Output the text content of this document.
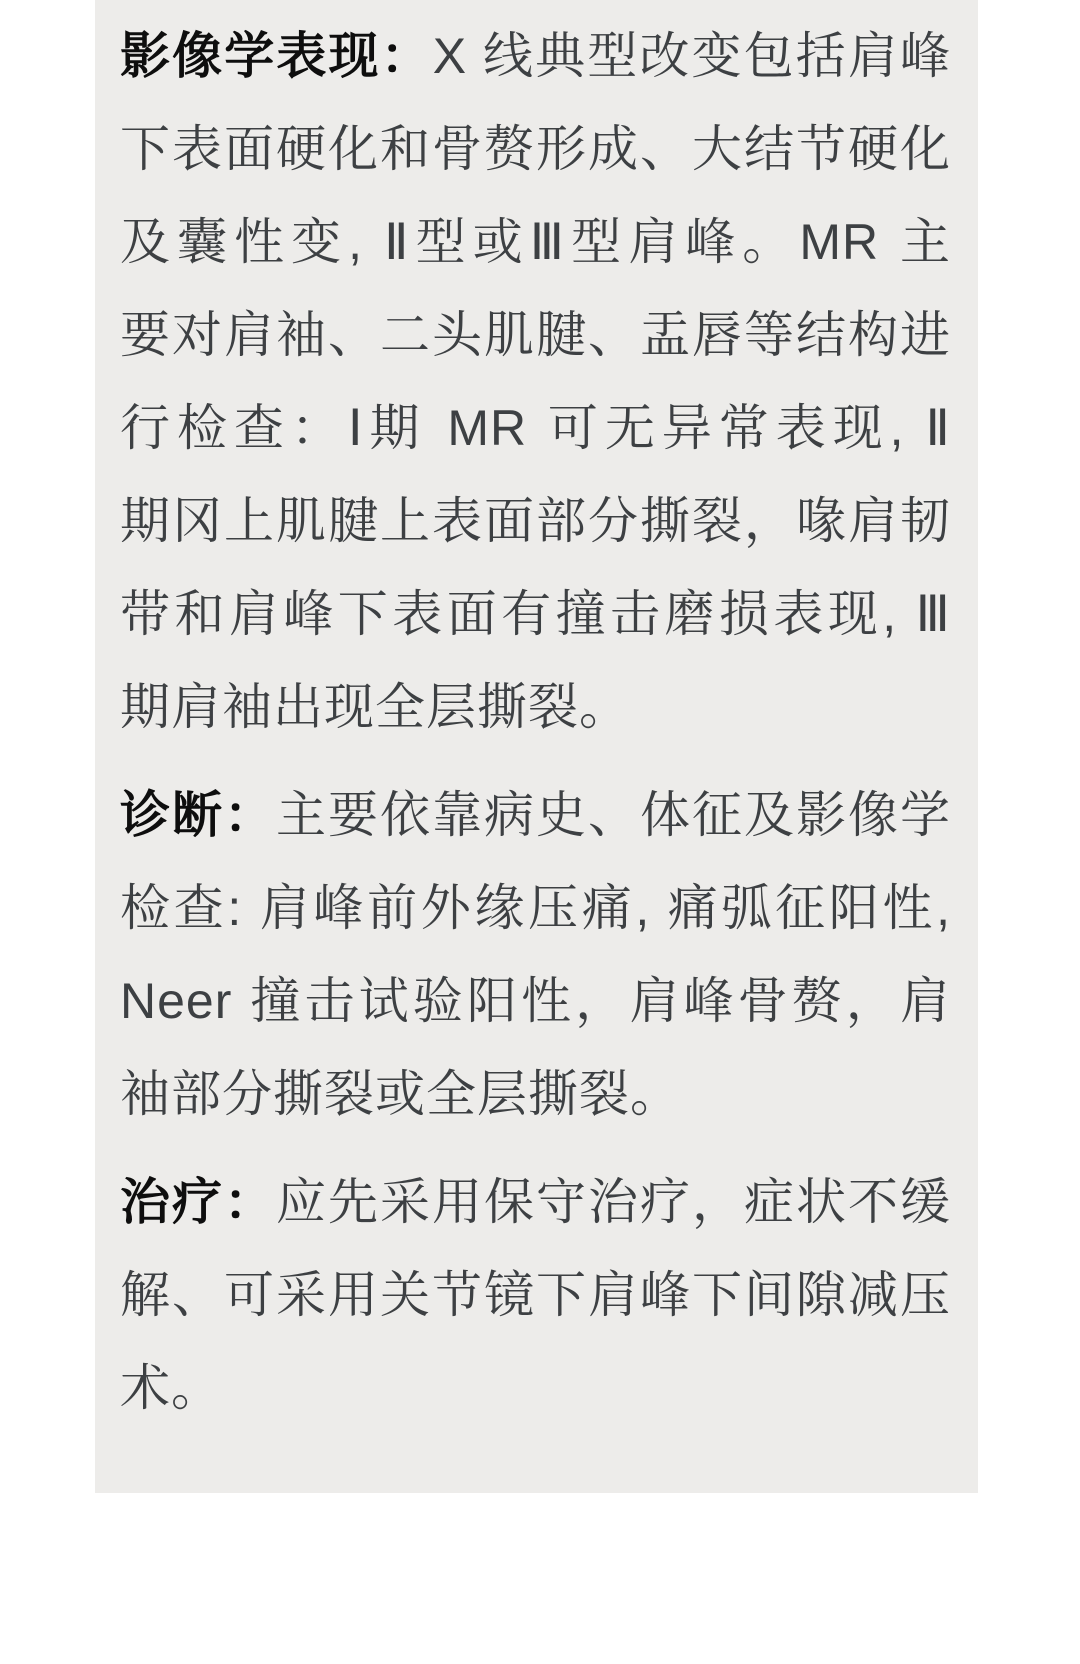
影像学表现：X 线典型改变包括肩峰
下表面硬化和骨赘形成、大结节硬化
及囊性变, Ⅱ型或Ⅲ型肩峰。MR 主
要对肩袖、二头肌腱、盂唇等结构进
行检查：Ⅰ期 MR 可无异常表现, Ⅱ
期冈上肌腱上表面部分撕裂，喙肩韧
带和肩峰下表面有撞击磨损表现, Ⅲ
期肩袖出现全层撕裂。
诊断：主要依靠病史、体征及影像学
检查: 肩峰前外缘压痛, 痛弧征阳性,
Neer 撞击试验阳性，肩峰骨赘，肩
袖部分撕裂或全层撕裂。
治疗：应先采用保守治疗，症状不缓
解、可采用关节镜下肩峰下间隙减压
术。
